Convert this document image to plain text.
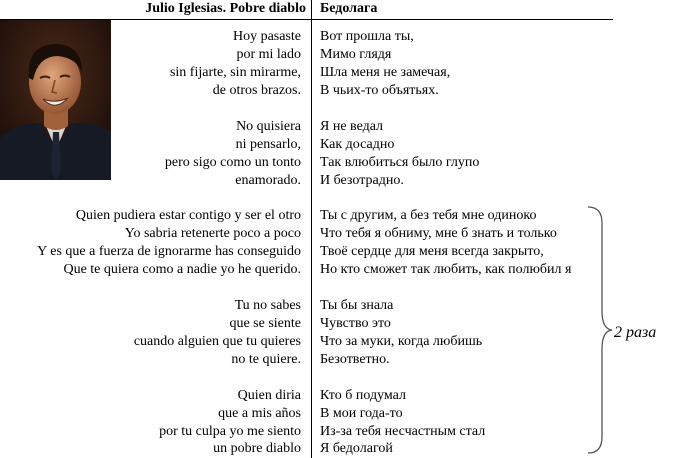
Julio Iglesias. Pobre diablo Бедолага
Hoy pasaste
por mi lado
sin fijarte, sin mirarme,
de otros brazos.
Вот прошла ты,
Мимо глядя
Шла меня не замечая,
В чьих-то объятьях.
No quisiera
ni pensarlo,
pero sigo como un tonto
enamorado.
Я не ведал
Как досадно
Так влюбиться было глупо
И безотрадно.
Quien pudiera estar contigo y ser el otro
Yo sabria retenerte poco a poco
Y es que a fuerza de ignorarme has conseguido
Que te quiera como a nadie yo he querido.
Ты с другим, а без тебя мне одиноко
Что тебя я обниму, мне б знать и только
Твоё сердце для меня всегда закрыто,
Но кто сможет так любить, как полюбил я
Tu no sabes
que se siente
cuando alguien que tu quieres
no te quiere.
Ты бы знала
Чувство это
Что за муки, когда любишь
Безответно.
Quien diria
que a mis años
por tu culpa yo me siento
un pobre diablo
Кто б подумал
В мои года-то
Из-за тебя несчастным стал
Я бедолагой
2 раза
